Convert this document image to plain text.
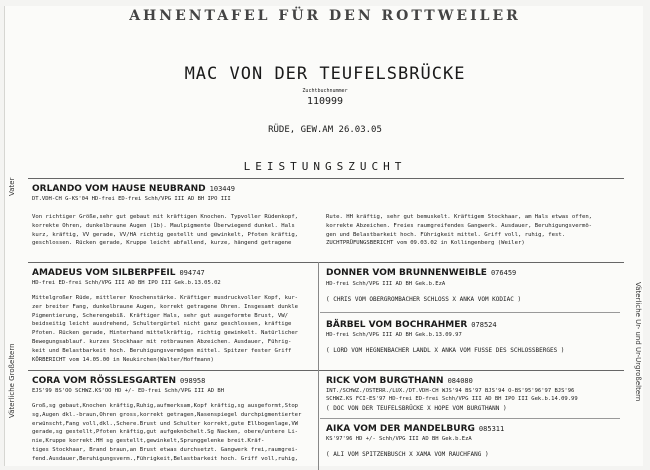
AHNENTAFEL FÜR DEN ROTTWEILER
MAC VON DER TEUFELSBRÜCKE
Zuchtbuchnummer
110999
RÜDE, GEW.AM 26.03.05
LEISTUNGSZUCHT
Vater
Väterliche Großeltern	Väterliche Ur- und Ur-Urgroßeltern
ORLANDO VOM HAUSE NEUBRAND 103449
DT.VDH-CH G-KS'04 HD-frei ED-frei Schh/VPG III AD BH IPO III
Von richtiger Größe,sehr gut gebaut mit kräftigen Knochen. Typvoller Rüdenkopf,
korrekte Ohren, dunkelbraune Augen (1b). Maulpigmente Überwiegend dunkel. Hals
kurz, kräftig, VV gerade, VV/HA richtig gestellt und gewinkelt, Pfoten kräftig,
geschlossen. Rücken gerade, Kruppe leicht abfallend, kurze, hängend getragene
Rute. HH kräftig, sehr gut bemuskelt. Kräftigem Stockhaar, am Hals etwas offen,
korrekte Abzeichen. Freies raumgreifendes Gangwerk. Ausdauer, Beruhigungsvermö-
gen und Belastbarkeit hoch. Führigkeit mittel. Griff voll, ruhig, fest.
ZUCHTPRÜFUNGSBERICHT vom 09.03.02 in Kollingenberg (Weiler)
AMADEUS VOM SILBERPFEIL 094747
HD-frei ED-frei Schh/VPG III AD BH IPO III Gek.b.13.05.02
Mittelgroßer Rüde, mittlerer Knochenstärke. Kräftiger musdruckvoller Kopf, kur-
zer breiter Fang, dunkelbraune Augen, korrekt getragene Ohren. Insgesamt dunkle
Pigmentierung, Scherengebiß. Kräftiger Hals, sehr gut ausgeformte Brust, VW/
beidseitig leicht ausdrehend, Schultergürtel nicht ganz geschlossen, kräftige
Pfoten. Rücken gerade, Hinterhand mittelkräftig, richtig gewinkelt. Natürlicher
Bewegungsablauf. kurzes Stockhaar mit rotbraunen Abzeichen. Ausdauer, Führig-
keit und Belastbarkeit hoch. Beruhigungsvermögen mittel. Spitzer fester Griff
KÖRBERICHT vom 14.05.00 in Neukirchen(Walter/Hoffmann)
CORA VOM RÖSSLESGARTEN 098958
EJS'99 BS'OO SCHWZ.KS'OO HD +/- ED-frei Schh/VPG III AD BH
Groß,sg gebaut,Knochen kräftig,Ruhig,aufmerksam,Kopf kräftig,sg ausgeformt,Stop
sg,Augen dkl.-braun,Ohren gross,korrekt getragen,Nasenspiegel durchpigmentierter
erwünscht,Fang voll,dkl.,Schere.Brust und Schulter korrekt,gute Ellbogenlage,VW
gerade,sg gestellt,Pfoten kräftig,gut aufgeknöchelt.Sg Nacken, obere/untere Li-
nie,Kruppe korrekt.HH sg gestellt,gewinkelt,Sprunggelenke breit.Kräf-
tiges Stockhaar, Brand braun,an Brust etwas durchsetzt. Gangwerk frei,raumgrei-
fend.Ausdauer,Beruhigungsverm.,Führigkeit,Belastbarkeit hoch. Griff voll,ruhig,
DONNER VOM BRUNNENWEIBLE 076459
HD-frei Schh/VPG III AD BH Gek.b.EzA
( CHRIS VOM OBERGROMBACHER SCHLOSS X ANKA VOM KODIAC )
BÄRBEL VOM BOCHRAHMER 078524
HD-frei Schh/VPG III AD BH Gek.b.13.09.97
( LORD VOM HEGNENBACHER LANDL X ANKA VOM FUSSE DES SCHLOSSBERGES )
RICK VOM BURGTHANN 084080
INT./SCHWZ./ÖSTERR./LUX./DT.VDH-CH WJS'94 BS'97 BJS'94 Ö-BS'95'96'97 BJS'96
SCHWZ.KS FCI-ES'97 HD-frei ED-frei Schh/VPG III AD BH IPO III Gek.b.14.09.99
( DOC VON DER TEUFELSBRÜCKE X HOPE VOM BURGTHANN )
AIKA VOM DER MANDELBURG 085311
KS'97'96 HD +/- Schh/VPG III AD BH Gek.b.EzA
( ALI VOM SPITZENBUSCH X XAMA VOM RAUCHFANG )
